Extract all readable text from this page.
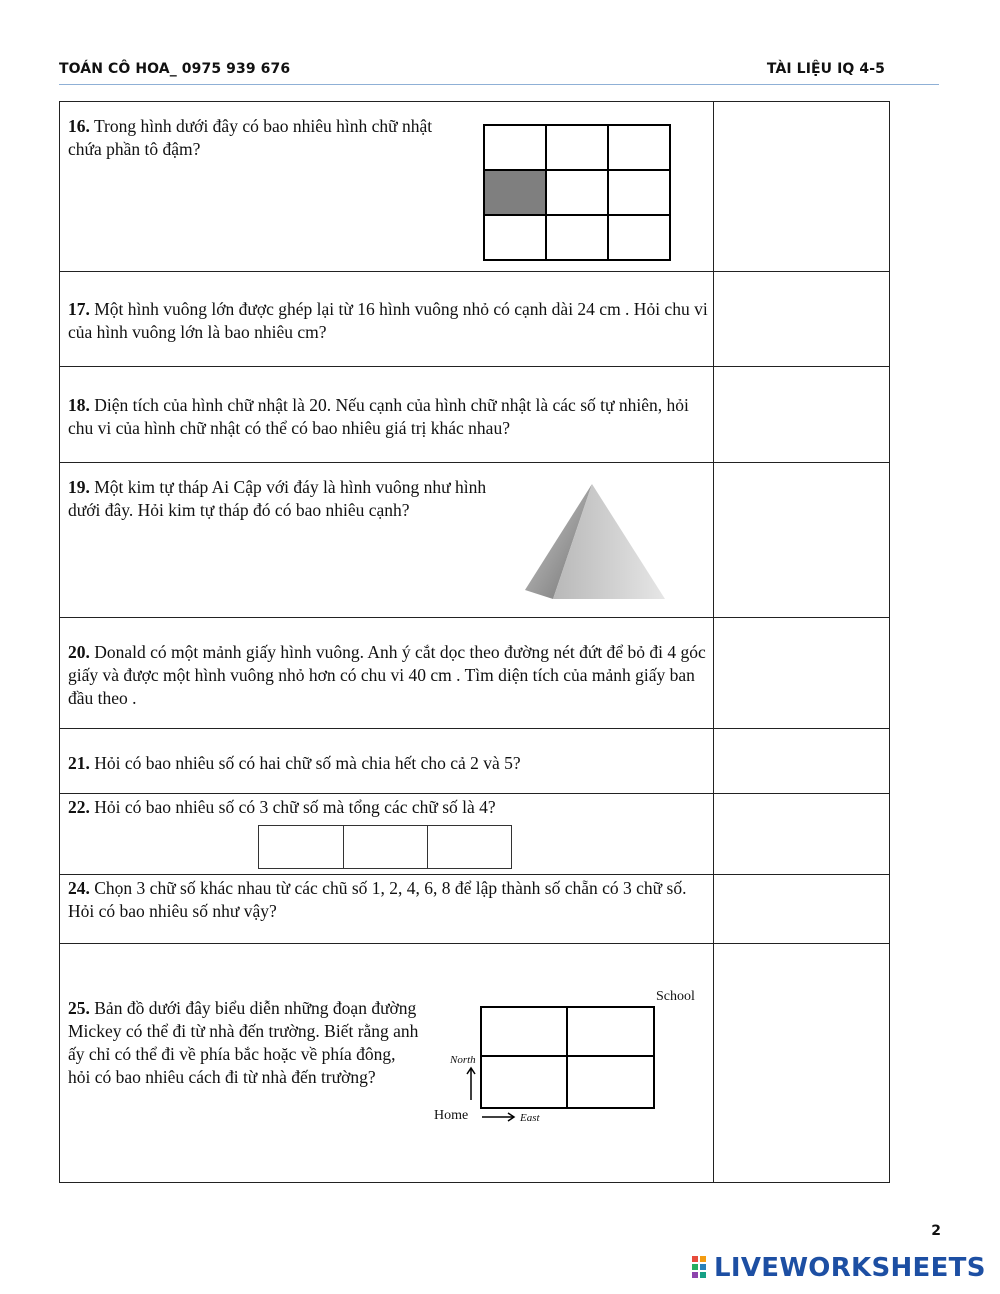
TOÁN CÔ HOA_ 0975 939 676	TÀI LIỆU IQ 4-5
16. Trong hình dưới đây có bao nhiêu hình chữ nhật chứa phần tô đậm?
17. Một hình vuông lớn được ghép lại từ 16 hình vuông nhỏ có cạnh dài 24 cm . Hỏi chu vi của hình vuông lớn là bao nhiêu cm?
18. Diện tích của hình chữ nhật là 20. Nếu cạnh của hình chữ nhật là các số tự nhiên, hỏi chu vi của hình chữ nhật có thể có bao nhiêu giá trị khác nhau?
19. Một kim tự tháp Ai Cập với đáy là hình vuông như hình dưới đây. Hỏi kim tự tháp đó có bao nhiêu cạnh?
20. Donald có một mảnh giấy hình vuông. Anh ý cắt dọc theo đường nét đứt để bỏ đi 4 góc giấy và được một hình vuông nhỏ hơn có chu vi 40 cm . Tìm diện tích của mảnh giấy ban đầu theo .
21. Hỏi có bao nhiêu số có hai chữ số mà chia hết cho cả 2 và 5?
22. Hỏi có bao nhiêu số có 3 chữ số mà tổng các chữ số là 4?
24. Chọn 3 chữ số khác nhau từ các chũ số 1, 2, 4, 6, 8 để lập thành số chẵn có 3 chữ số. Hỏi có bao nhiêu số như vậy?
25. Bản đồ dưới đây biểu diễn những đoạn đường Mickey có thể đi từ nhà đến trường. Biết rằng anh ấy chỉ có thể đi về phía bắc hoặc về phía đông, hỏi có bao nhiêu cách đi từ nhà đến trường?
School
North
Home	East
2
LIVEWORKSHEETS
